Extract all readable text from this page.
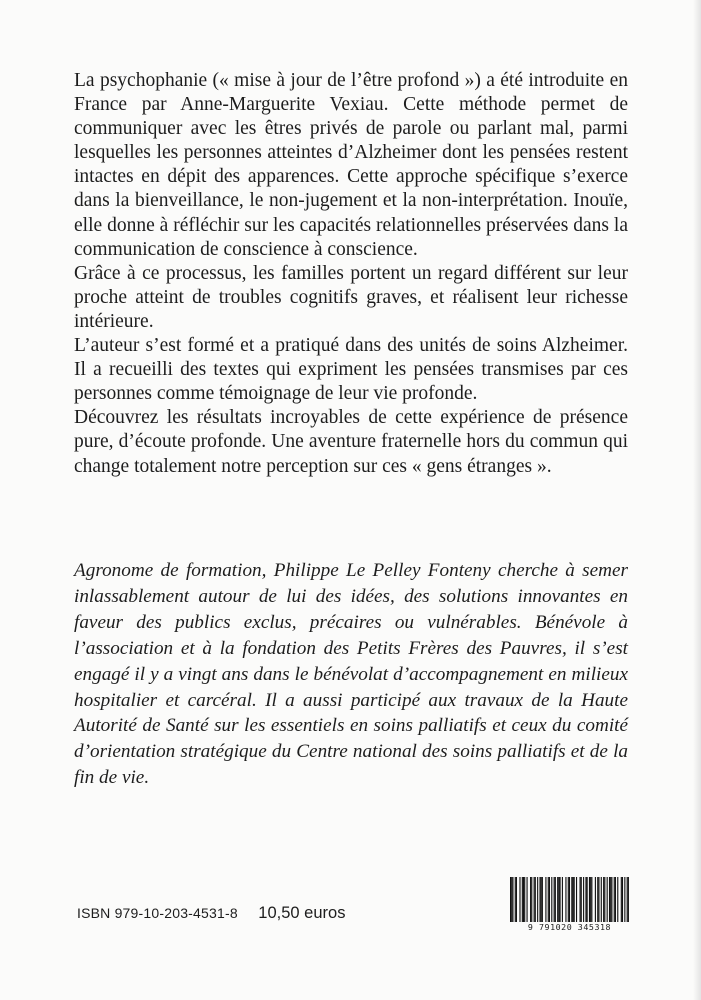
La psychophanie (« mise à jour de l’être profond ») a été introduite en France par Anne-Marguerite Vexiau. Cette méthode permet de communiquer avec les êtres privés de parole ou parlant mal, parmi lesquelles les personnes atteintes d’Alzheimer dont les pensées restent intactes en dépit des apparences. Cette approche spécifique s’exerce dans la bienveillance, le non-jugement et la non-interprétation. Inouïe, elle donne à réfléchir sur les capacités relationnelles préservées dans la communication de conscience à conscience.

Grâce à ce processus, les familles portent un regard différent sur leur proche atteint de troubles cognitifs graves, et réalisent leur richesse intérieure.

L’auteur s’est formé et a pratiqué dans des unités de soins Alzheimer. Il a recueilli des textes qui expriment les pensées transmises par ces personnes comme témoignage de leur vie profonde.

Découvrez les résultats incroyables de cette expérience de présence pure, d’écoute profonde. Une aventure fraternelle hors du commun qui change totalement notre perception sur ces « gens étranges ».

Agronome de formation, Philippe Le Pelley Fonteny cherche à semer inlassablement autour de lui des idées, des solutions innovantes en faveur des publics exclus, précaires ou vulnérables. Bénévole à l’association et à la fondation des Petits Frères des Pauvres, il s’est engagé il y a vingt ans dans le bénévolat d’accompagnement en milieux hospitalier et carcéral. Il a aussi participé aux travaux de la Haute Autorité de Santé sur les essentiels en soins palliatifs et ceux du comité d’orientation stratégique du Centre national des soins palliatifs et de la fin de vie.

ISBN 979-10-203-4531-8 10,50 euros
9 791020 345318
